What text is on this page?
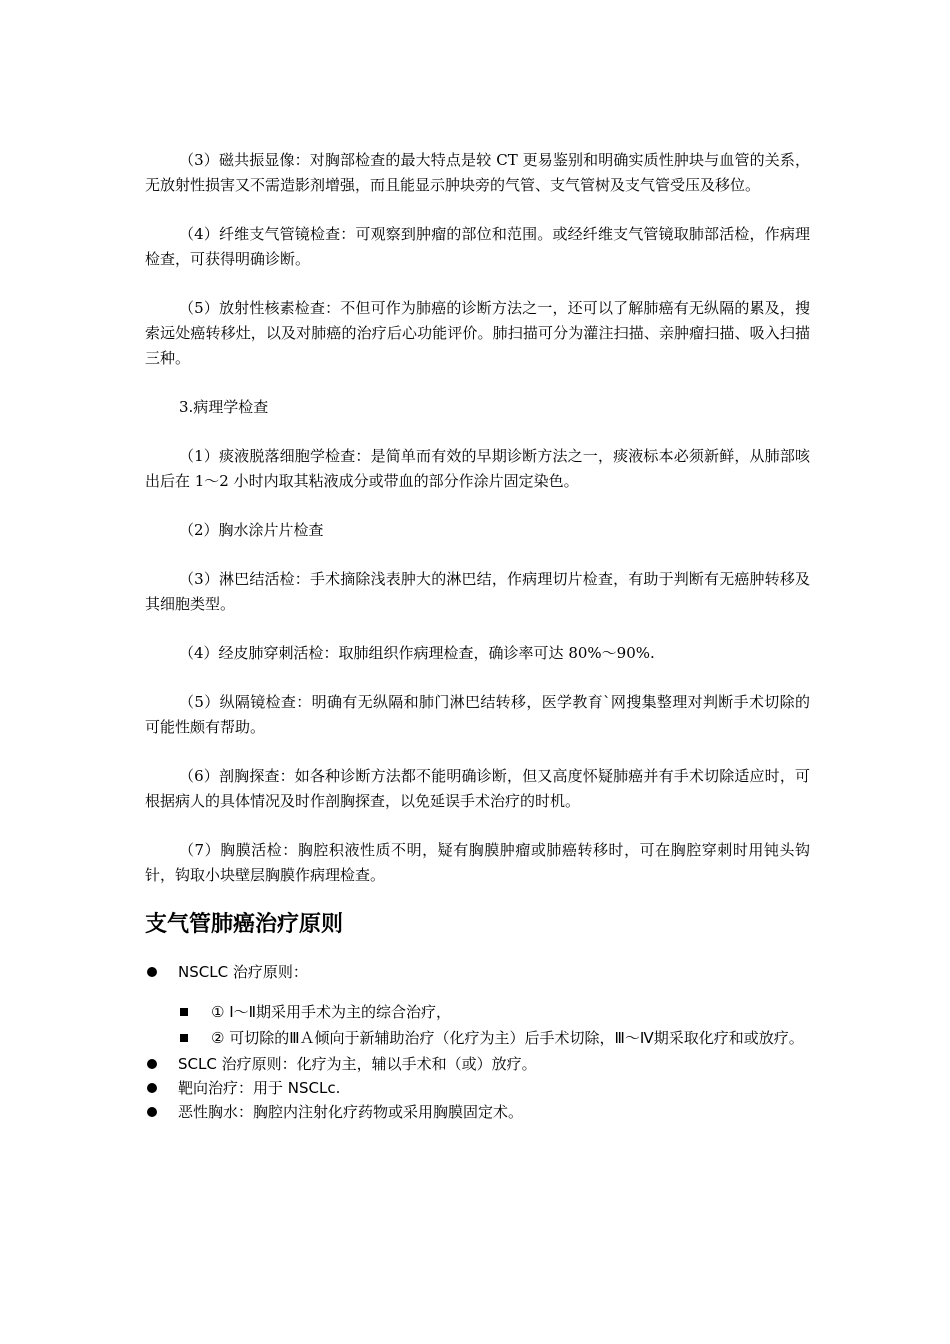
（3）磁共振显像：对胸部检查的最大特点是较 CT 更易鉴别和明确实质性肿块与血管的关系，无放射性损害又不需造影剂增强，而且能显示肿块旁的气管、支气管树及支气管受压及移位。

（4）纤维支气管镜检查：可观察到肿瘤的部位和范围。或经纤维支气管镜取肺部活检，作病理检查，可获得明确诊断。

（5）放射性核素检查：不但可作为肺癌的诊断方法之一，还可以了解肺癌有无纵隔的累及，搜索远处癌转移灶，以及对肺癌的治疗后心功能评价。肺扫描可分为灌注扫描、亲肿瘤扫描、吸入扫描三种。

3.病理学检查

（1）痰液脱落细胞学检查：是简单而有效的早期诊断方法之一，痰液标本必须新鲜，从肺部咳出后在 1～2 小时内取其粘液成分或带血的部分作涂片固定染色。

（2）胸水涂片片检查

（3）淋巴结活检：手术摘除浅表肿大的淋巴结，作病理切片检查，有助于判断有无癌肿转移及其细胞类型。

（4）经皮肺穿刺活检：取肺组织作病理检查，确诊率可达 80%～90%.

（5）纵隔镜检查：明确有无纵隔和肺门淋巴结转移，医学教育`网搜集整理对判断手术切除的可能性颇有帮助。

（6）剖胸探查：如各种诊断方法都不能明确诊断，但又高度怀疑肺癌并有手术切除适应时，可根据病人的具体情况及时作剖胸探查，以免延误手术治疗的时机。

（7）胸膜活检：胸腔积液性质不明，疑有胸膜肿瘤或肺癌转移时，可在胸腔穿刺时用钝头钩针，钩取小块壁层胸膜作病理检查。

支气管肺癌治疗原则
NSCLC 治疗原则：
① Ⅰ～Ⅱ期采用手术为主的综合治疗，
② 可切除的ⅢＡ倾向于新辅助治疗（化疗为主）后手术切除，Ⅲ～Ⅳ期采取化疗和或放疗。
SCLC 治疗原则：化疗为主，辅以手术和（或）放疗。
靶向治疗：用于 NSCLc.
恶性胸水：胸腔内注射化疗药物或采用胸膜固定术。
